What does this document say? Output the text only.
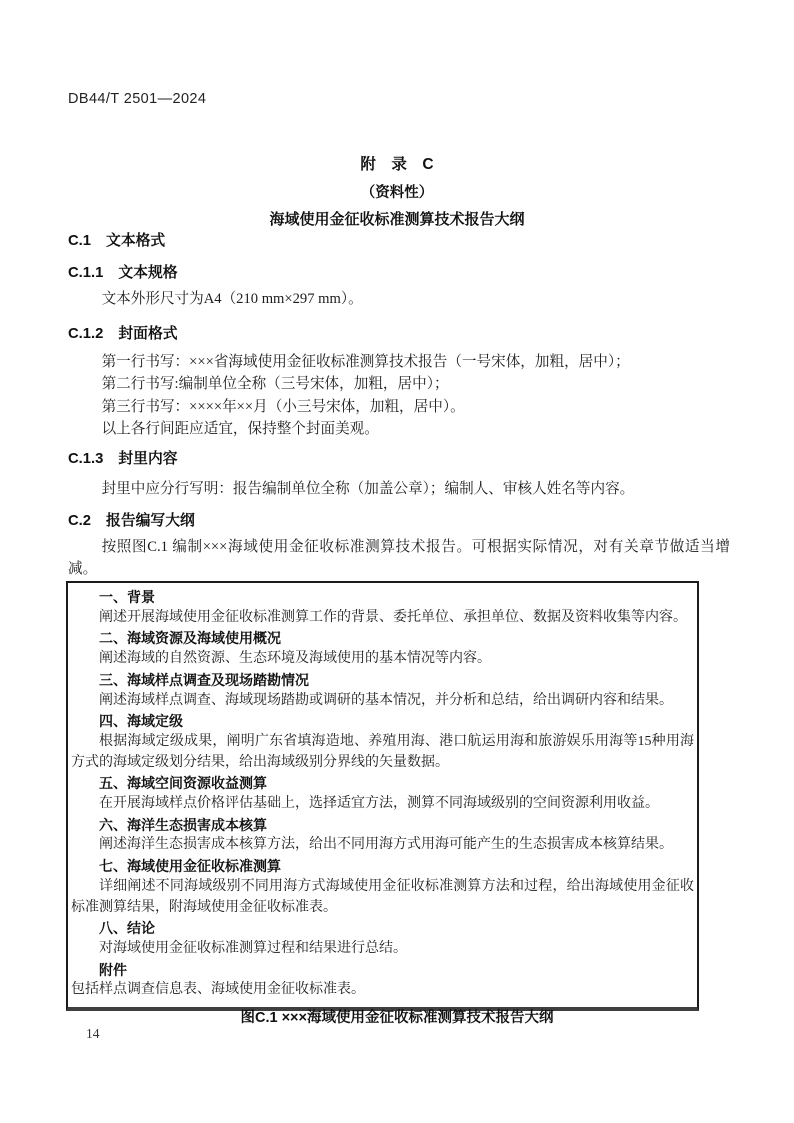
DB44/T 2501—2024
附　录　C
（资料性）
海域使用金征收标准测算技术报告大纲
C.1 文本格式
C.1.1 文本规格

文本外形尺寸为A4（210 mm×297 mm）。

C.1.2 封面格式

第一行书写：×××省海域使用金征收标准测算技术报告（一号宋体，加粗，居中）；

第二行书写:编制单位全称（三号宋体，加粗，居中）；

第三行书写：××××年××月（小三号宋体，加粗，居中）。

以上各行间距应适宜，保持整个封面美观。

C.1.3 封里内容

封里中应分行写明：报告编制单位全称（加盖公章）；编制人、审核人姓名等内容。

C.2 报告编写大纲

按照图C.1 编制×××海域使用金征收标准测算技术报告。可根据实际情况，对有关章节做适当增减。

一、背景

阐述开展海域使用金征收标准测算工作的背景、委托单位、承担单位、数据及资料收集等内容。

二、海域资源及海域使用概况

阐述海域的自然资源、生态环境及海域使用的基本情况等内容。

三、海域样点调查及现场踏勘情况

阐述海域样点调查、海域现场踏勘或调研的基本情况，并分析和总结，给出调研内容和结果。

四、海域定级

根据海域定级成果，阐明广东省填海造地、养殖用海、港口航运用海和旅游娱乐用海等15种用海方式的海域定级划分结果，给出海域级别分界线的矢量数据。

五、海域空间资源收益测算

在开展海域样点价格评估基础上，选择适宜方法，测算不同海域级别的空间资源利用收益。

六、海洋生态损害成本核算

阐述海洋生态损害成本核算方法，给出不同用海方式用海可能产生的生态损害成本核算结果。

七、海域使用金征收标准测算

详细阐述不同海域级别不同用海方式海域使用金征收标准测算方法和过程，给出海域使用金征收标准测算结果，附海域使用金征收标准表。

八、结论

对海域使用金征收标准测算过程和结果进行总结。

附件

包括样点调查信息表、海域使用金征收标准表。

图C.1 ×××海域使用金征收标准测算技术报告大纲
14
